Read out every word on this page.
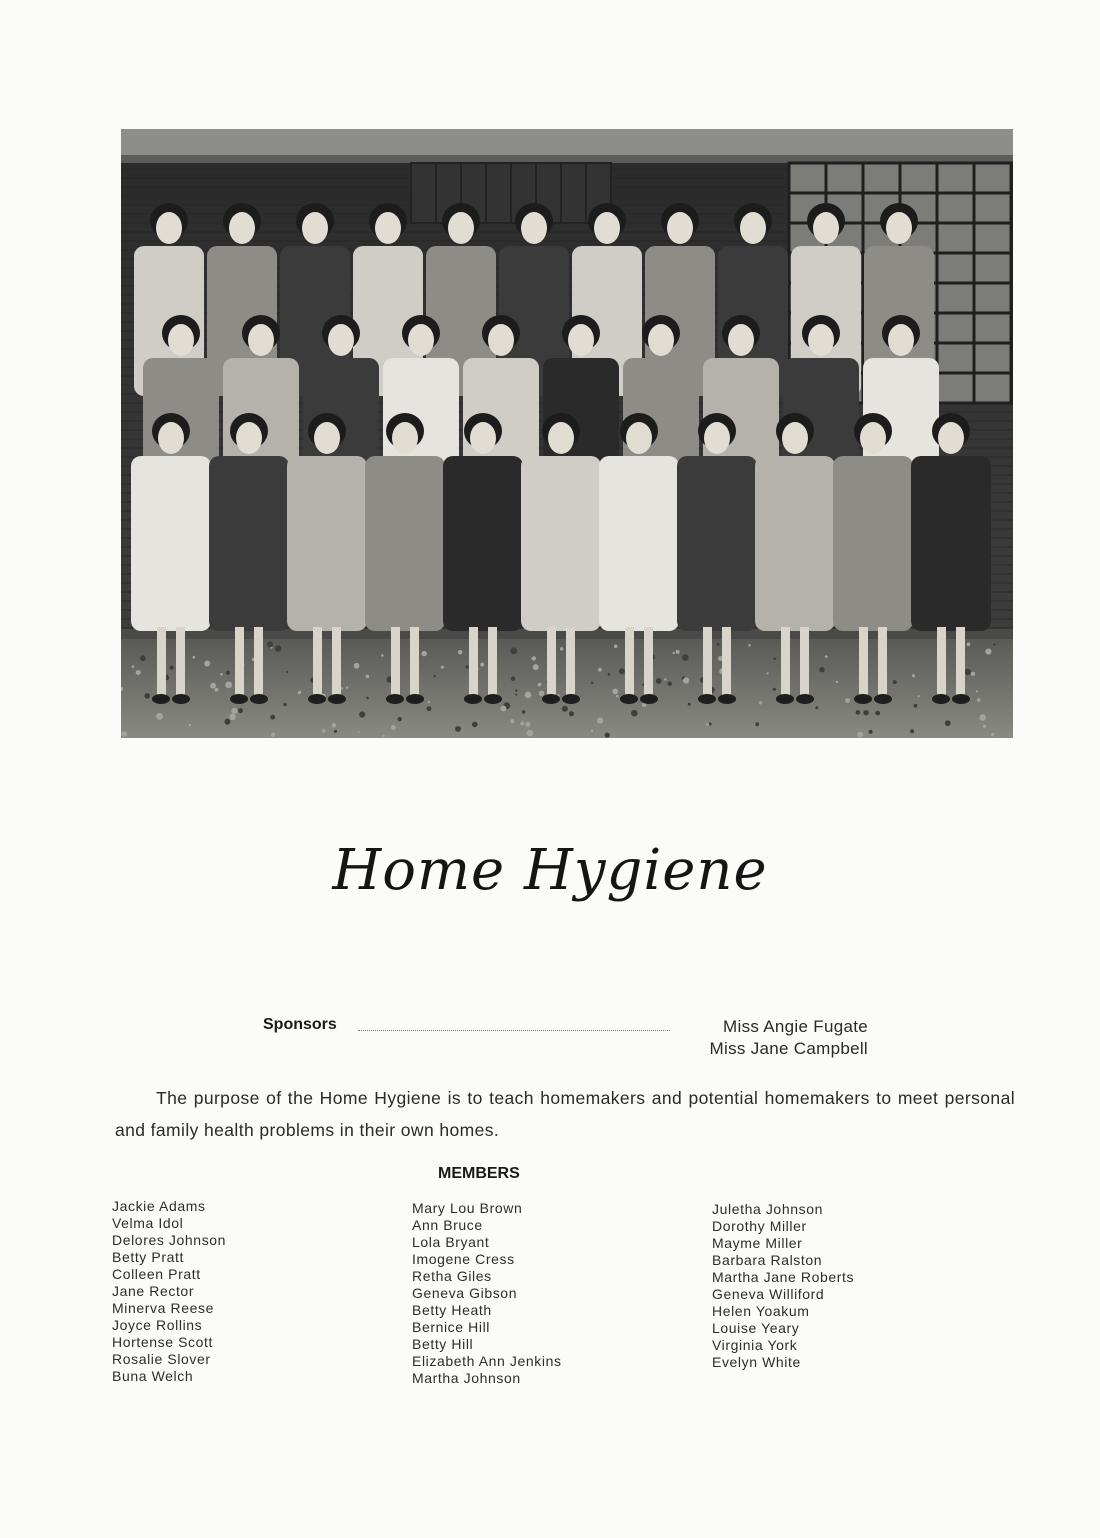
Home Hygiene
Sponsors	Miss Angie Fugate
Miss Jane Campbell
The purpose of the Home Hygiene is to teach homemakers and potential homemakers to meet personal and family health problems in their own homes.
MEMBERS
Jackie Adams
Velma Idol
Delores Johnson
Betty Pratt
Colleen Pratt
Jane Rector
Minerva Reese
Joyce Rollins
Hortense Scott
Rosalie Slover
Buna Welch
Mary Lou Brown
Ann Bruce
Lola Bryant
Imogene Cress
Retha Giles
Geneva Gibson
Betty Heath
Bernice Hill
Betty Hill
Elizabeth Ann Jenkins
Martha Johnson
Juletha Johnson
Dorothy Miller
Mayme Miller
Barbara Ralston
Martha Jane Roberts
Geneva Williford
Helen Yoakum
Louise Yeary
Virginia York
Evelyn White
